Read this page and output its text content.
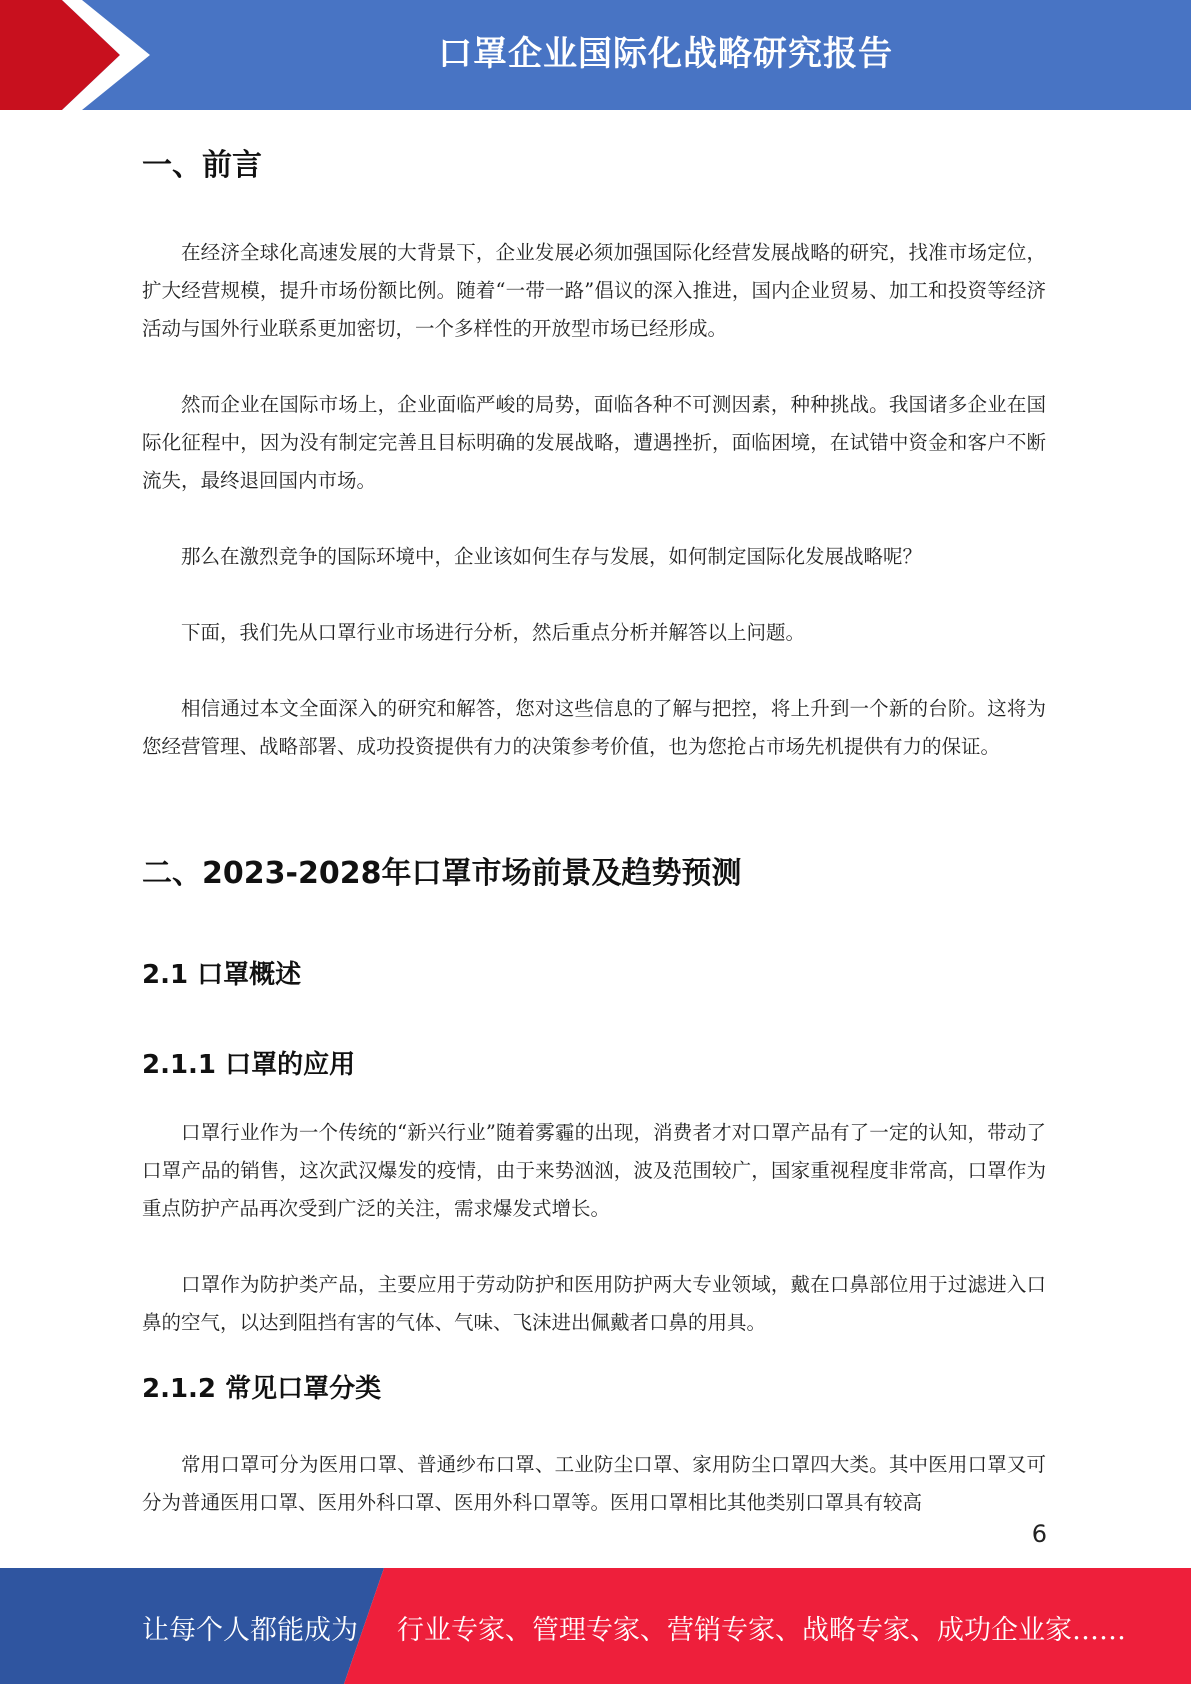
口罩企业国际化战略研究报告
一、前言
在经济全球化高速发展的大背景下，企业发展必须加强国际化经营发展战略的研究，找准市场定位，扩大经营规模，提升市场份额比例。随着“一带一路”倡议的深入推进，国内企业贸易、加工和投资等经济活动与国外行业联系更加密切，一个多样性的开放型市场已经形成。
然而企业在国际市场上，企业面临严峻的局势，面临各种不可测因素，种种挑战。我国诸多企业在国际化征程中，因为没有制定完善且目标明确的发展战略，遭遇挫折，面临困境，在试错中资金和客户不断流失，最终退回国内市场。
那么在激烈竞争的国际环境中，企业该如何生存与发展，如何制定国际化发展战略呢？
下面，我们先从口罩行业市场进行分析，然后重点分析并解答以上问题。
相信通过本文全面深入的研究和解答，您对这些信息的了解与把控，将上升到一个新的台阶。这将为您经营管理、战略部署、成功投资提供有力的决策参考价值，也为您抢占市场先机提供有力的保证。
二、2023-2028年口罩市场前景及趋势预测
2.1 口罩概述
2.1.1 口罩的应用
口罩行业作为一个传统的“新兴行业”随着雾霾的出现，消费者才对口罩产品有了一定的认知，带动了口罩产品的销售，这次武汉爆发的疫情，由于来势汹汹，波及范围较广，国家重视程度非常高，口罩作为重点防护产品再次受到广泛的关注，需求爆发式增长。
口罩作为防护类产品，主要应用于劳动防护和医用防护两大专业领域，戴在口鼻部位用于过滤进入口鼻的空气，以达到阻挡有害的气体、气味、飞沫进出佩戴者口鼻的用具。
2.1.2 常见口罩分类
常用口罩可分为医用口罩、普通纱布口罩、工业防尘口罩、家用防尘口罩四大类。其中医用口罩又可分为普通医用口罩、医用外科口罩、医用外科口罩等。医用口罩相比其他类别口罩具有较高
6
让每个人都能成为 行业专家、管理专家、营销专家、战略专家、成功企业家……
